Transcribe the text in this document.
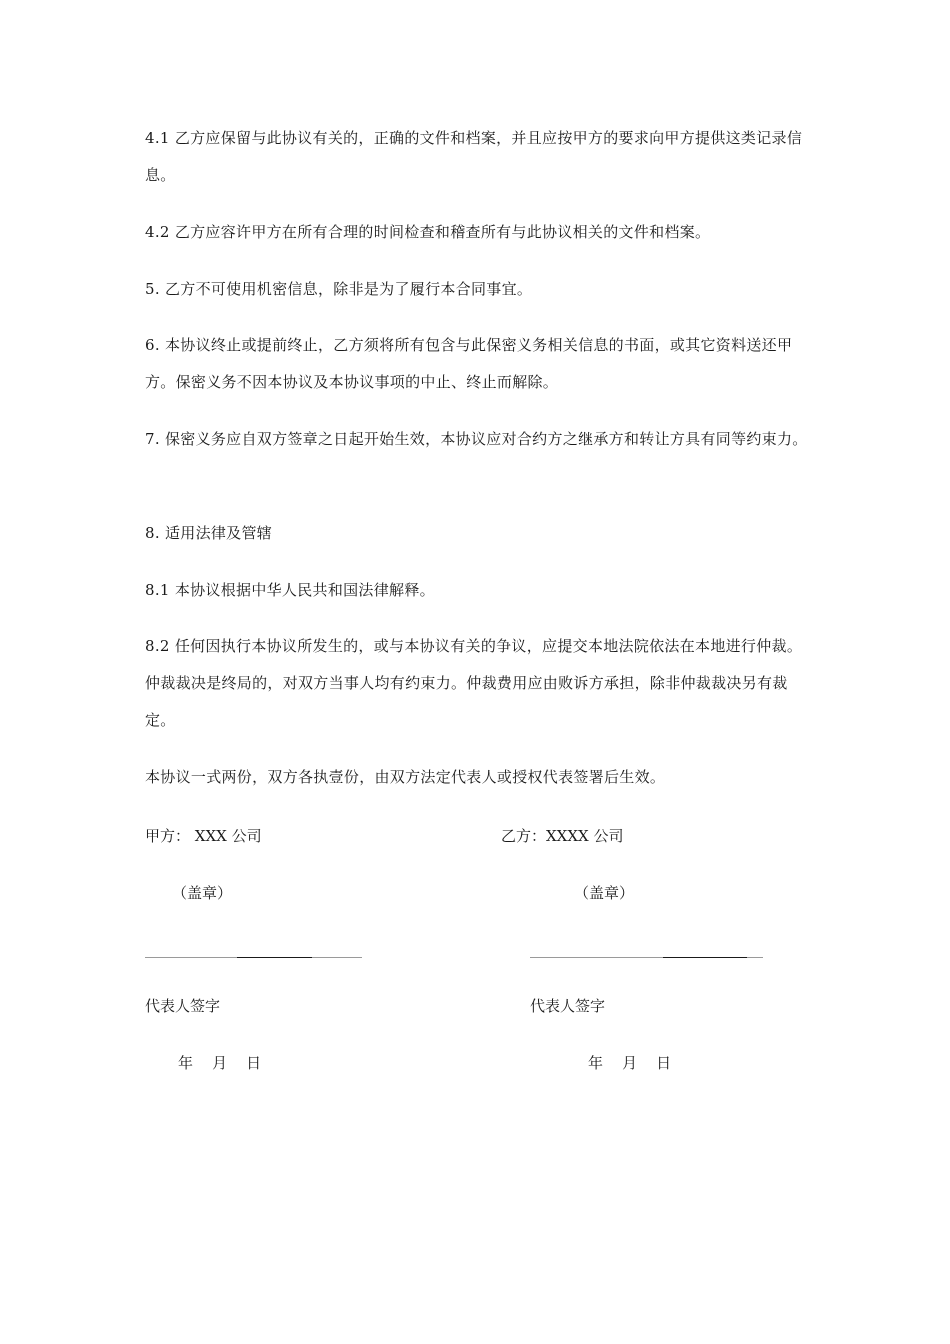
4.1 乙方应保留与此协议有关的，正确的文件和档案，并且应按甲方的要求向甲方提供这类记录信息。

4.2 乙方应容许甲方在所有合理的时间检查和稽查所有与此协议相关的文件和档案。

5. 乙方不可使用机密信息，除非是为了履行本合同事宜。

6. 本协议终止或提前终止，乙方须将所有包含与此保密义务相关信息的书面，或其它资料送还甲方。保密义务不因本协议及本协议事项的中止、终止而解除。

7. 保密义务应自双方签章之日起开始生效，本协议应对合约方之继承方和转让方具有同等约束力。

8. 适用法律及管辖

8.1 本协议根据中华人民共和国法律解释。

8.2 任何因执行本协议所发生的，或与本协议有关的争议，应提交本地法院依法在本地进行仲裁。仲裁裁决是终局的，对双方当事人均有约束力。仲裁费用应由败诉方承担，除非仲裁裁决另有裁定。

本协议一式两份，双方各执壹份，由双方法定代表人或授权代表签署后生效。

甲方： XXX 公司
（盖章）
代表人签字
年    月    日
乙方：XXXX 公司
（盖章）
代表人签字
年    月    日
